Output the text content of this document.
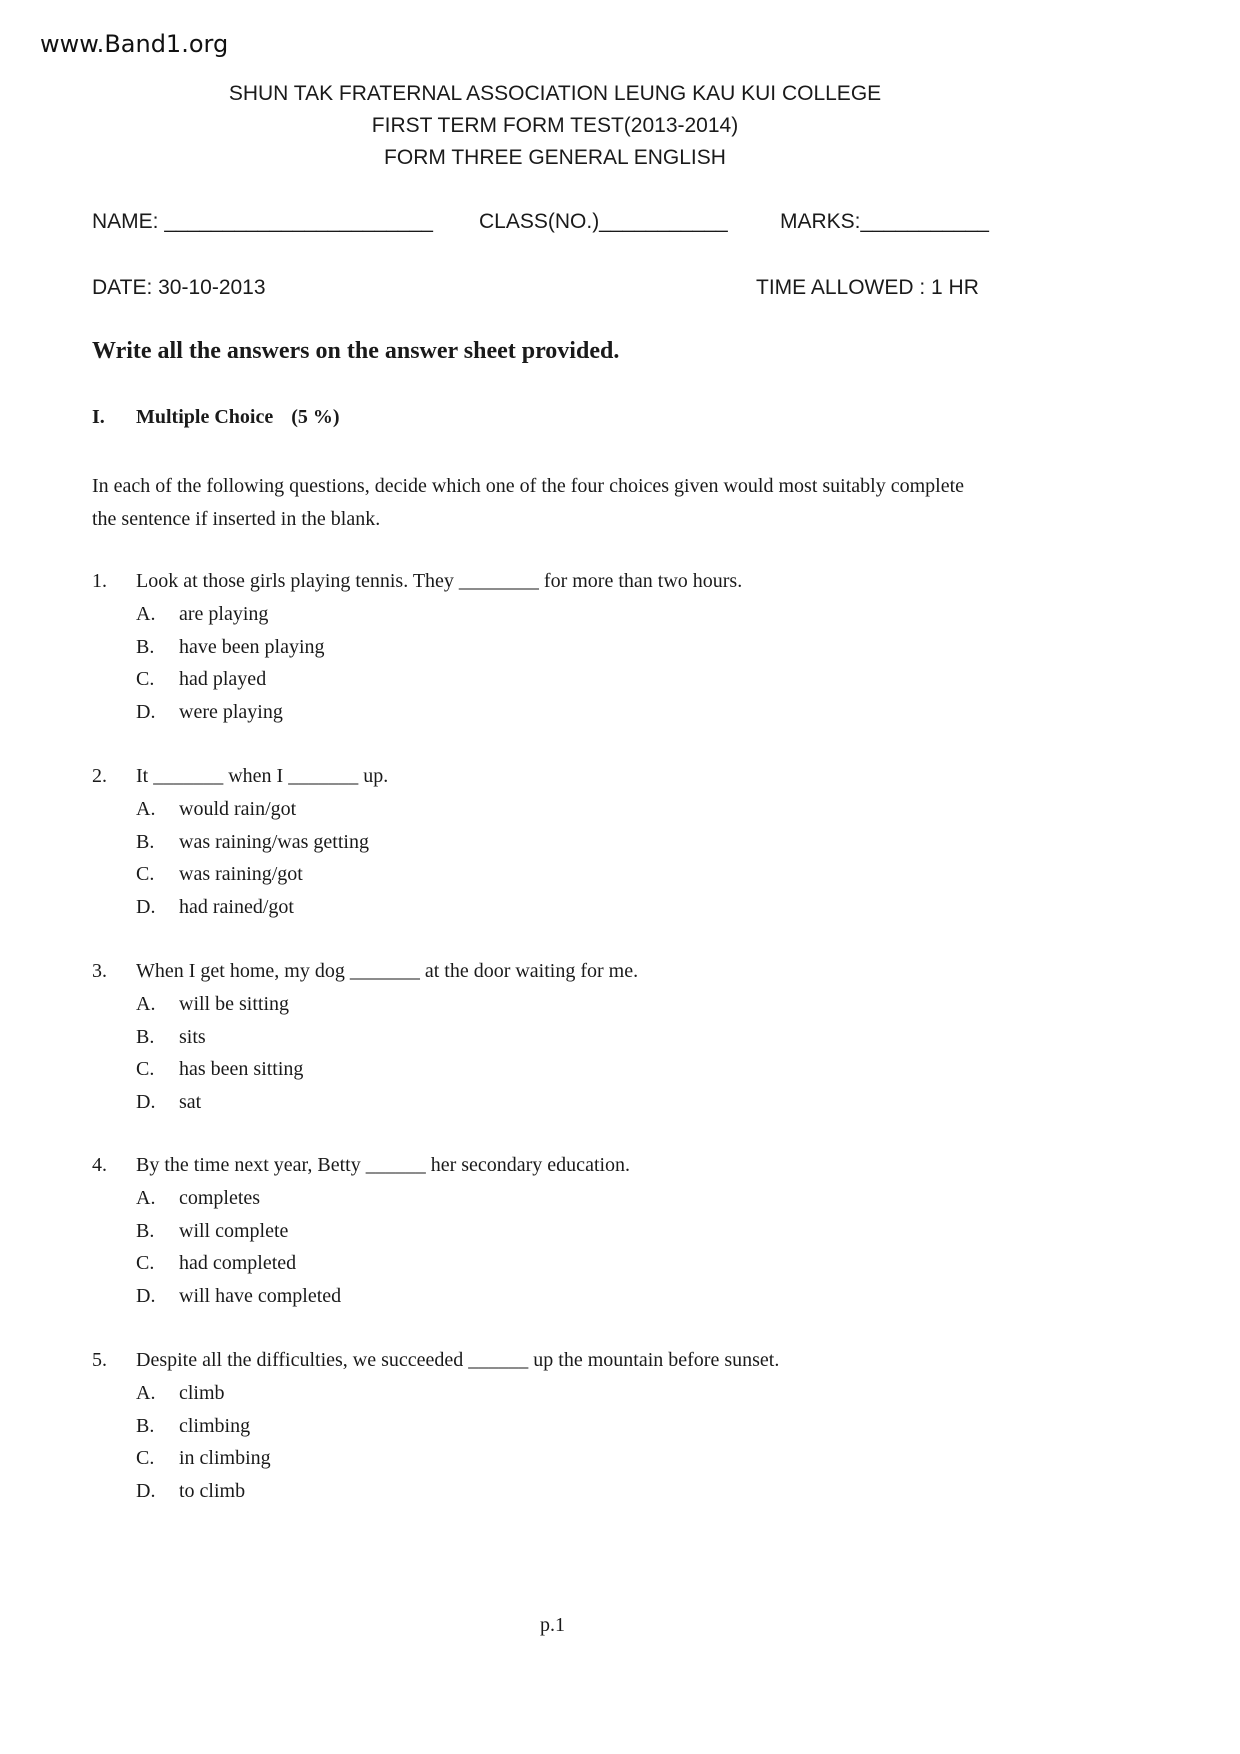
www.Band1.org
SHUN TAK FRATERNAL ASSOCIATION LEUNG KAU KUI COLLEGE
FIRST TERM FORM TEST(2013-2014)
FORM THREE GENERAL ENGLISH
NAME: _______________________ CLASS(NO.)___________ MARKS:___________
DATE: 30-10-2013	TIME ALLOWED : 1 HR
Write all the answers on the answer sheet provided.
I. Multiple Choice (5 %)
In each of the following questions, decide which one of the four choices given would most suitably complete the sentence if inserted in the blank.
1. Look at those girls playing tennis. They ________ for more than two hours.
A. are playing
B. have been playing
C. had played
D. were playing
2. It _______ when I _______ up.
A. would rain/got
B. was raining/was getting
C. was raining/got
D. had rained/got
3. When I get home, my dog _______ at the door waiting for me.
A. will be sitting
B. sits
C. has been sitting
D. sat
4. By the time next year, Betty ______ her secondary education.
A. completes
B. will complete
C. had completed
D. will have completed
5. Despite all the difficulties, we succeeded ______ up the mountain before sunset.
A. climb
B. climbing
C. in climbing
D. to climb
p.1
